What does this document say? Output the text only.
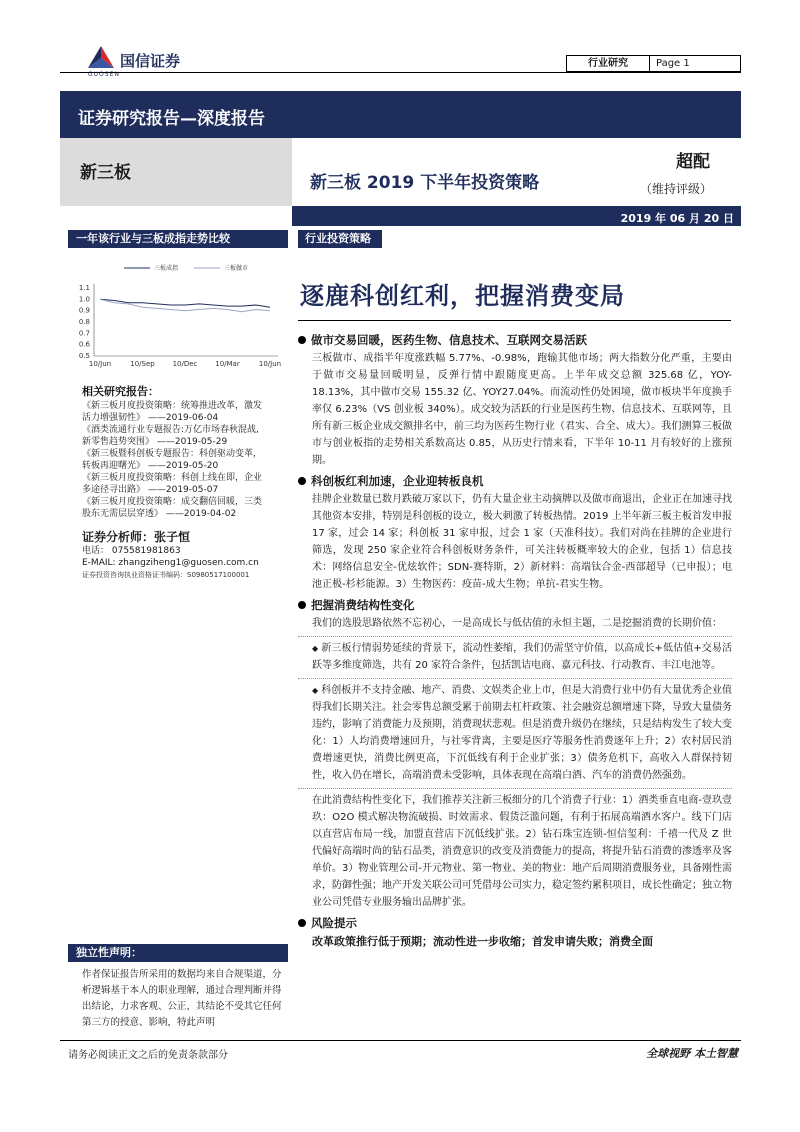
国信证券
GUOSEN
行业研究	Page 1
证券研究报告—深度报告
新三板	新三板 2019 下半年投资策略
超配
（维持评级）
2019 年 06 月 20 日
一年该行业与三板成指走势比较
三板成指	三板做市
1.1
1.0
0.9
0.8
0.7
0.6
0.5
10/Jun	10/Sep	10/Dec	10/Mar	10/Jun
相关研究报告：
《新三板月度投资策略：统筹推进改革，激发
活力增强韧性》 ——2019-06-04
《酒类流通行业专题报告:万亿市场春秋混战,
新零售趋势突围》 ——2019-05-29
《新三板暨科创板专题报告：科创驱动变革，
转板再迎曙光》 ——2019-05-20
《新三板月度投资策略：科创上线在即，企业
多途径寻出路》 ——2019-05-07
《新三板月度投资策略：成交翻倍回暖，三类
股东无需层层穿透》 ——2019-04-02
证券分析师：张子恒
电话： 075581981863
E-MAIL: zhangziheng1@guosen.com.cn
证券投资咨询执业资格证书编码：S0980517100001
独立性声明：
作者保证报告所采用的数据均来自合规渠道，分析逻辑基于本人的职业理解，通过合理判断并得出结论，力求客观、公正，其结论不受其它任何第三方的授意、影响，特此声明
行业投资策略
逐鹿科创红利，把握消费变局
做市交易回暖，医药生物、信息技术、互联网交易活跃
三板做市、成指半年度涨跌幅 5.77%、-0.98%，跑输其他市场；两大指数分化严重，主要由于做市交易量回暖明显，反弹行情中跟随度更高。上半年成交总额 325.68 亿，YOY-18.13%，其中做市交易 155.32 亿、YOY27.04%。而流动性仍处困境，做市板块半年度换手率仅 6.23%（VS 创业板 340%）。成交较为活跃的行业是医药生物、信息技术、互联网等，且所有新三板企业成交额排名中，前三均为医药生物行业（君实、合全、成大）。我们测算三板做市与创业板指的走势相关系数高达 0.85，从历史行情来看，下半年 10-11 月有较好的上涨预期。
科创板红利加速，企业迎转板良机
挂牌企业数量已数月跌破万家以下，仍有大量企业主动摘牌以及做市商退出，企业正在加速寻找其他资本安排，特别是科创板的设立，极大刺激了转板热情。2019 上半年新三板主板首发申报 17 家，过会 14 家；科创板 31 家申报，过会 1 家（天准科技）。我们对尚在挂牌的企业进行筛选，发现 250 家企业符合科创板财务条件，可关注转板概率较大的企业，包括 1）信息技术：网络信息安全-优炫软件；SDN-赛特斯，2）新材料：高端钛合金-西部超导（已申报）；电池正极-杉杉能源。3）生物医药：疫苗-成大生物；单抗-君实生物。
把握消费结构性变化
我们的选股思路依然不忘初心，一是高成长与低估值的永恒主题，二是挖掘消费的长期价值：
◆ 新三板行情弱势延续的背景下，流动性萎缩，我们仍需坚守价值，以高成长+低估值+交易活跃等多维度筛选，共有 20 家符合条件，包括凯诘电商、嘉元科技、行动教育、丰江电池等。
◆ 科创板并不支持金融、地产、消费、文娱类企业上市，但是大消费行业中仍有大量优秀企业值得我们长期关注。社会零售总额受累于前期去杠杆政策、社会融资总额增速下降，导致大量债务违约，影响了消费能力及预期，消费现状悲观。但是消费升级仍在继续，只是结构发生了较大变化：1）人均消费增速回升，与社零背离，主要是医疗等服务性消费逐年上升；2）农村居民消费增速更快，消费比例更高，下沉低线有利于企业扩张；3）债务危机下，高收入人群保持韧性，收入仍在增长，高端消费未受影响，具体表现在高端白酒、汽车的消费仍然强劲。
在此消费结构性变化下，我们推荐关注新三板细分的几个消费子行业：1）酒类垂直电商-壹玖壹玖：O2O 模式解决物流破损、时效需求、假货泛滥问题，有利于拓展高端酒水客户。线下门店以直营店布局一线，加盟直营店下沉低线扩张。2）钻石珠宝连锁-恒信玺利：千禧一代及 Z 世代偏好高端时尚的钻石品类，消费意识的改变及消费能力的提高，将提升钻石消费的渗透率及客单价。3）物业管理公司-开元物业、第一物业、美的物业：地产后周期消费服务业，具备刚性需求，防御性强；地产开发关联公司可凭借母公司实力，稳定签约累积项目，成长性确定；独立物业公司凭借专业服务输出品牌扩张。
风险提示
改革政策推行低于预期；流动性进一步收缩；首发申请失败；消费全面
请务必阅读正文之后的免责条款部分	全球视野 本土智慧
